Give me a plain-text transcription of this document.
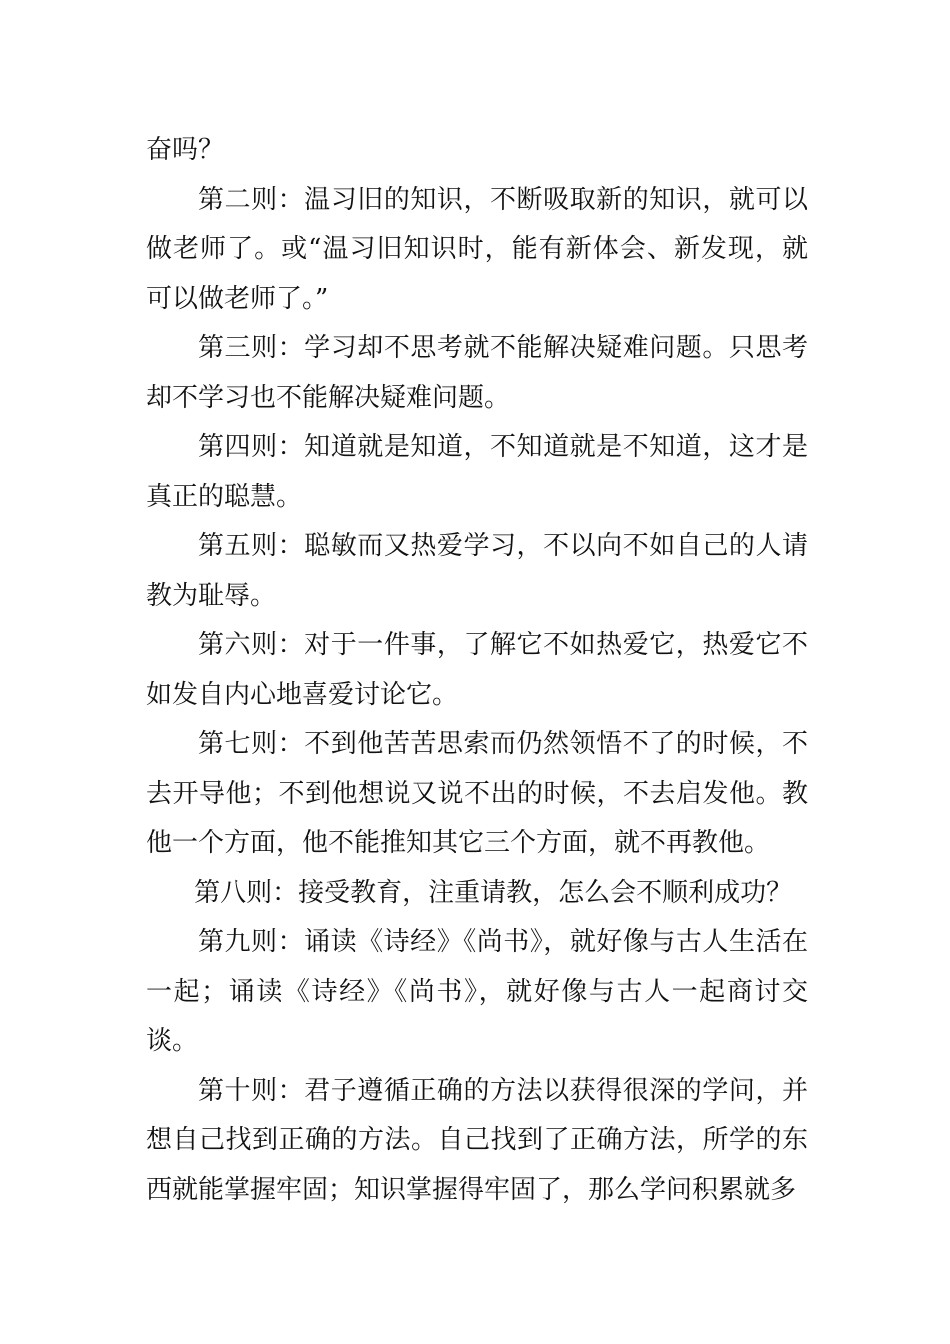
奋吗？

第二则：温习旧的知识，不断吸取新的知识，就可以做老师了。或“温习旧知识时，能有新体会、新发现，就可以做老师了。”

第三则：学习却不思考就不能解决疑难问题。只思考却不学习也不能解决疑难问题。

第四则：知道就是知道，不知道就是不知道，这才是真正的聪慧。

第五则：聪敏而又热爱学习，不以向不如自己的人请教为耻辱。

第六则：对于一件事，了解它不如热爱它，热爱它不如发自内心地喜爱讨论它。

第七则：不到他苦苦思索而仍然领悟不了的时候，不去开导他；不到他想说又说不出的时候，不去启发他。教他一个方面，他不能推知其它三个方面，就不再教他。

第八则：接受教育，注重请教，怎么会不顺利成功？

第九则：诵读《诗经》《尚书》，就好像与古人生活在一起；诵读《诗经》《尚书》，就好像与古人一起商讨交谈。

第十则：君子遵循正确的方法以获得很深的学问，并想自己找到正确的方法。自己找到了正确方法，所学的东西就能掌握牢固；知识掌握得牢固了，那么学问积累就多
